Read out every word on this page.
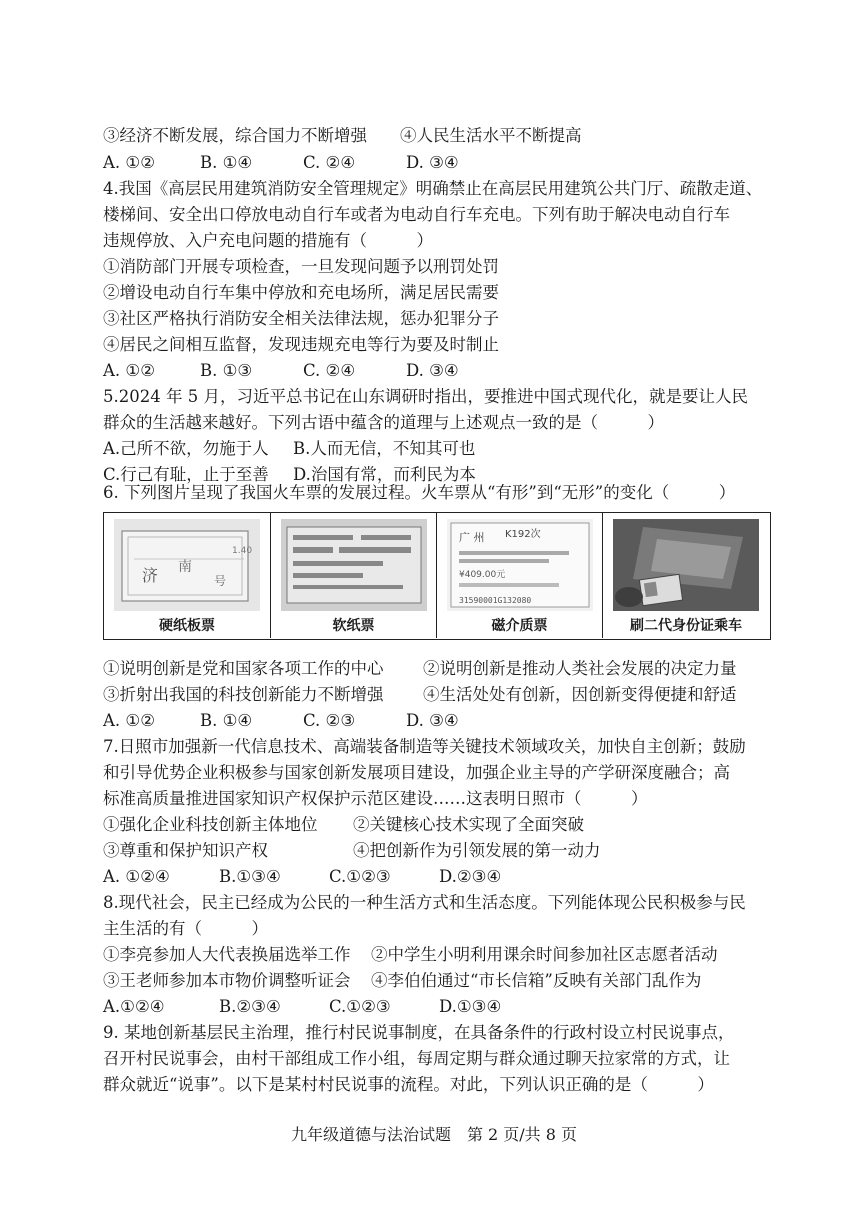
③经济不断发展，综合国力不断增强　　④人民生活水平不断提高
A. ①②	B. ①④	C. ②④	D. ③④
4.我国《高层民用建筑消防安全管理规定》明确禁止在高层民用建筑公共门厅、疏散走道、
楼梯间、安全出口停放电动自行车或者为电动自行车充电。下列有助于解决电动自行车
违规停放、入户充电问题的措施有（　　　）
①消防部门开展专项检查，一旦发现问题予以刑罚处罚
②增设电动自行车集中停放和充电场所，满足居民需要
③社区严格执行消防安全相关法律法规，惩办犯罪分子
④居民之间相互监督，发现违规充电等行为要及时制止
A. ①②	B. ①③	C. ②④	D. ③④
5.2024 年 5 月，习近平总书记在山东调研时指出，要推进中国式现代化，就是要让人民
群众的生活越来越好。下列古语中蕴含的道理与上述观点一致的是（　　　）
A.己所不欲，勿施于人 B.人而无信，不知其可也
C.行己有耻，止于至善 D.治国有常，而利民为本
6. 下列图片呈现了我国火车票的发展过程。火车票从“有形”到“无形”的变化（　　　）
济 南
号
1.40
硬纸板票	软纸票
广 州 K192次
¥409.00元
31590001G132080
磁介质票	刷二代身份证乘车
①说明创新是党和国家各项工作的中心 ②说明创新是推动人类社会发展的决定力量
③折射出我国的科技创新能力不断增强 ④生活处处有创新，因创新变得便捷和舒适
A. ①②	B. ①④	C. ②③	D. ③④
7.日照市加强新一代信息技术、高端装备制造等关键技术领域攻关，加快自主创新；鼓励
和引导优势企业积极参与国家创新发展项目建设，加强企业主导的产学研深度融合；高
标准高质量推进国家知识产权保护示范区建设……这表明日照市（　　　）
①强化企业科技创新主体地位 ②关键核心技术实现了全面突破
③尊重和保护知识产权	④把创新作为引领发展的第一动力
A. ①②④	B.①③④	C.①②③	D.②③④
8.现代社会，民主已经成为公民的一种生活方式和生活态度。下列能体现公民积极参与民
主生活的有（　　　）
①李亮参加人大代表换届选举工作 ②中学生小明利用课余时间参加社区志愿者活动
③王老师参加本市物价调整听证会 ④李伯伯通过“市长信箱”反映有关部门乱作为
A.①②④	B.②③④	C.①②③	D.①③④
9. 某地创新基层民主治理，推行村民说事制度，在具备条件的行政村设立村民说事点，
召开村民说事会，由村干部组成工作小组，每周定期与群众通过聊天拉家常的方式，让
群众就近“说事”。以下是某村村民说事的流程。对此，下列认识正确的是（　　　）
九年级道德与法治试题　第 2 页/共 8 页
